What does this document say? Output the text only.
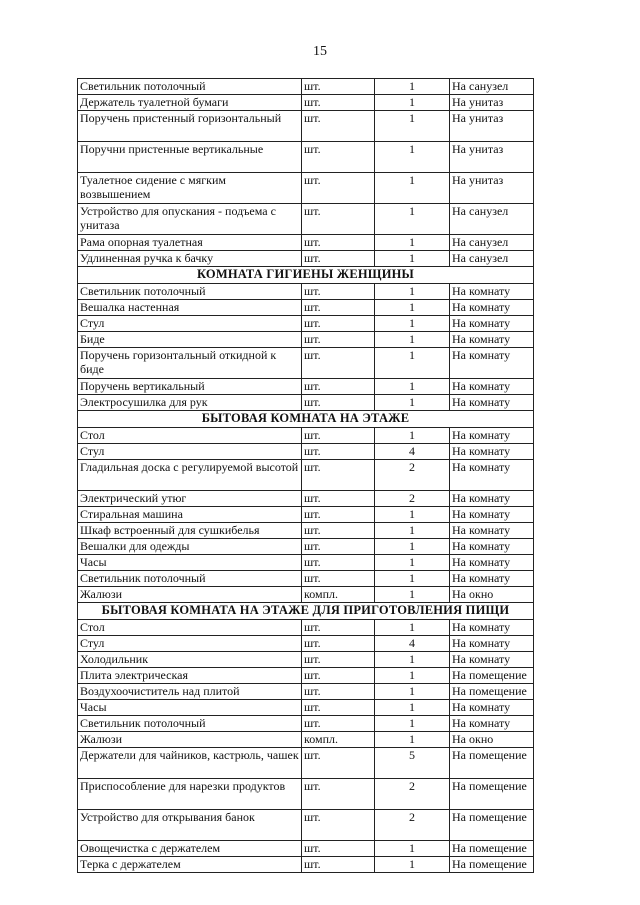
15
Светильник потолочный	шт.	1	На санузел
Держатель туалетной бумаги	шт.	1	На унитаз
Поручень пристенный горизонтальный	шт.	1	На унитаз
Поручни пристенные вертикальные	шт.	1	На унитаз
Туалетное сидение с мягким возвышением	шт.	1	На унитаз
Устройство для опускания - подъема с унитаза	шт.	1	На санузел
Рама опорная туалетная	шт.	1	На санузел
Удлиненная ручка к бачку	шт.	1	На санузел
КОМНАТА ГИГИЕНЫ ЖЕНЩИНЫ			
Светильник потолочный	шт.	1	На комнату
Вешалка настенная	шт.	1	На комнату
Стул	шт.	1	На комнату
Биде	шт.	1	На комнату
Поручень горизонтальный откидной к биде	шт.	1	На комнату
Поручень вертикальный	шт.	1	На комнату
Электросушилка для рук	шт.	1	На комнату
БЫТОВАЯ КОМНАТА НА ЭТАЖЕ			
Стол	шт.	1	На комнату
Стул	шт.	4	На комнату
Гладильная доска с регулируемой высотой	шт.	2	На комнату
Электрический утюг	шт.	2	На комнату
Стиральная машина	шт.	1	На комнату
Шкаф встроенный для сушкибелья	шт.	1	На комнату
Вешалки для одежды	шт.	1	На комнату
Часы	шт.	1	На комнату
Светильник потолочный	шт.	1	На комнату
Жалюзи	компл.	1	На окно
БЫТОВАЯ КОМНАТА НА ЭТАЖЕ ДЛЯ ПРИГОТОВЛЕНИЯ ПИЩИ			
Стол	шт.	1	На комнату
Стул	шт.	4	На комнату
Холодильник	шт.	1	На комнату
Плита электрическая	шт.	1	На помещение
Воздухоочиститель над плитой	шт.	1	На помещение
Часы	шт.	1	На комнату
Светильник потолочный	шт.	1	На комнату
Жалюзи	компл.	1	На окно
Держатели для чайников, кастрюль, чашек	шт.	5	На помещение
Приспособление для нарезки продуктов	шт.	2	На помещение
Устройство для открывания банок	шт.	2	На помещение
Овощечистка с держателем	шт.	1	На помещение
Терка с держателем	шт.	1	На помещение
